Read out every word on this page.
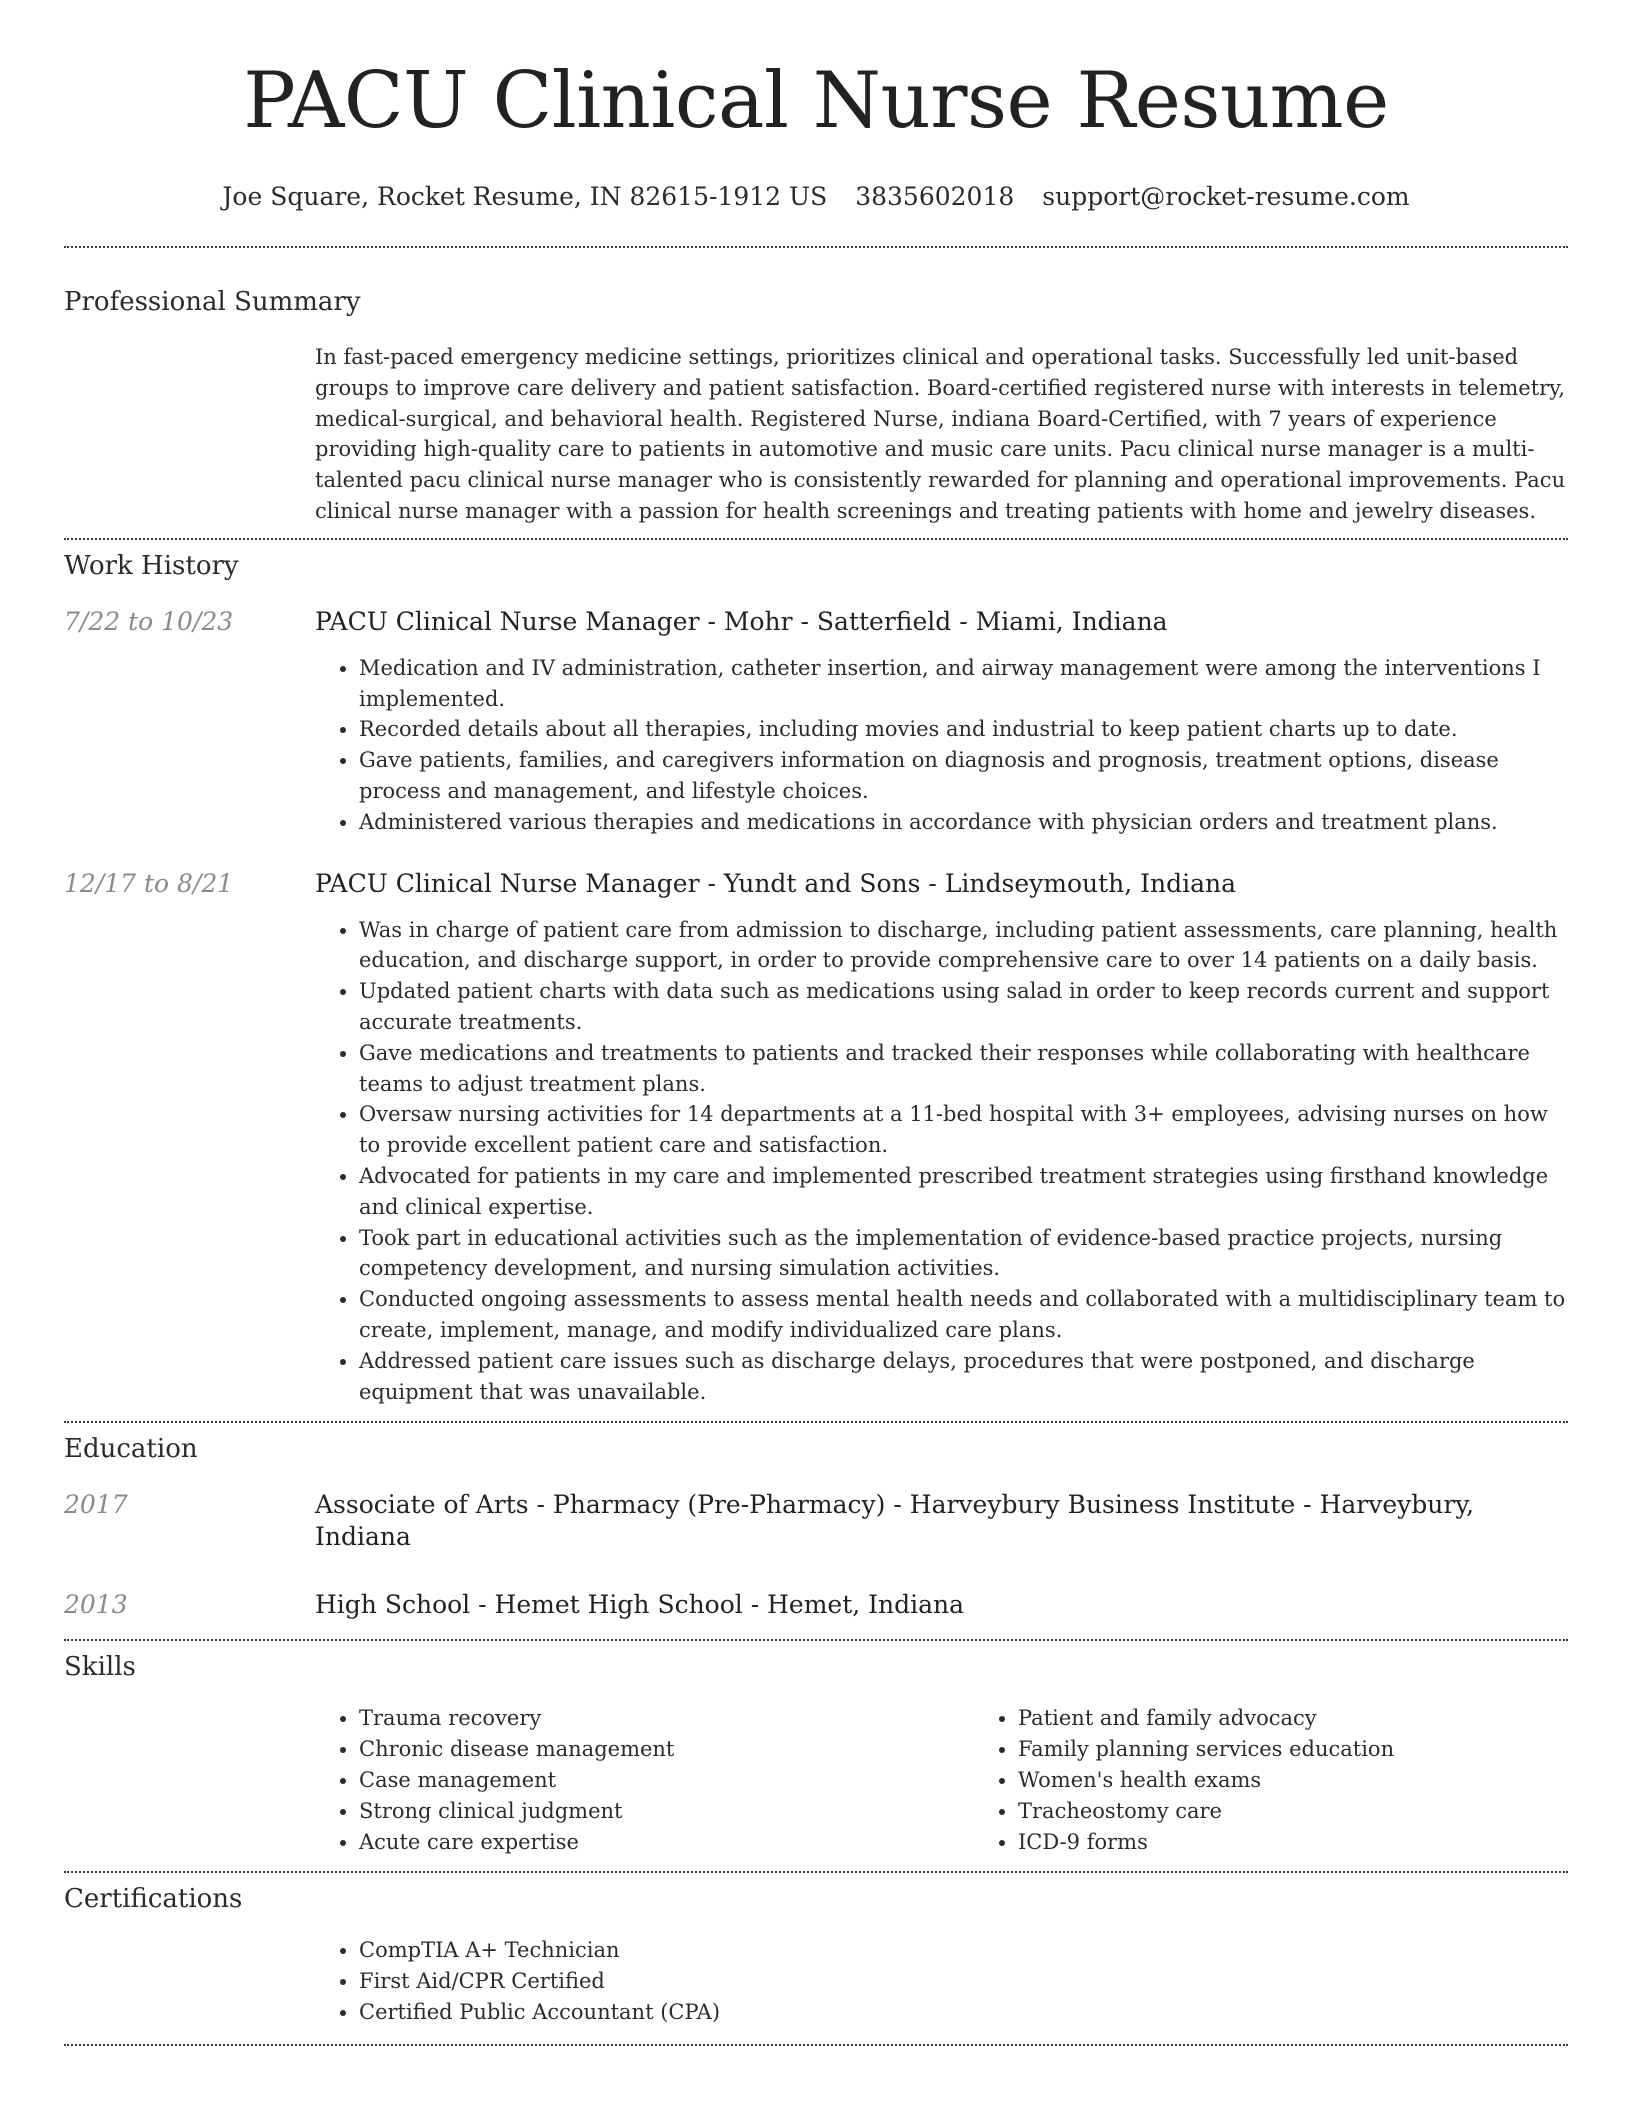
PACU Clinical Nurse Resume
Joe Square, Rocket Resume, IN 82615-1912 US 3835602018 support@rocket-resume.com
Professional Summary

In fast-paced emergency medicine settings, prioritizes clinical and operational tasks. Successfully led unit-based groups to improve care delivery and patient satisfaction. Board-certified registered nurse with interests in telemetry, medical-surgical, and behavioral health. Registered Nurse, indiana Board-Certified, with 7 years of experience providing high-quality care to patients in automotive and music care units. Pacu clinical nurse manager is a multi-talented pacu clinical nurse manager who is consistently rewarded for planning and operational improvements. Pacu clinical nurse manager with a passion for health screenings and treating patients with home and jewelry diseases.

Work History
7/22 to 10/23	PACU Clinical Nurse Manager - Mohr - Satterfield - Miami, Indiana

• Medication and IV administration, catheter insertion, and airway management were among the interventions I implemented.
• Recorded details about all therapies, including movies and industrial to keep patient charts up to date.
• Gave patients, families, and caregivers information on diagnosis and prognosis, treatment options, disease process and management, and lifestyle choices.
• Administered various therapies and medications in accordance with physician orders and treatment plans.
12/17 to 8/21	PACU Clinical Nurse Manager - Yundt and Sons - Lindseymouth, Indiana

• Was in charge of patient care from admission to discharge, including patient assessments, care planning, health education, and discharge support, in order to provide comprehensive care to over 14 patients on a daily basis.
• Updated patient charts with data such as medications using salad in order to keep records current and support accurate treatments.
• Gave medications and treatments to patients and tracked their responses while collaborating with healthcare teams to adjust treatment plans.
• Oversaw nursing activities for 14 departments at a 11-bed hospital with 3+ employees, advising nurses on how to provide excellent patient care and satisfaction.
• Advocated for patients in my care and implemented prescribed treatment strategies using firsthand knowledge and clinical expertise.
• Took part in educational activities such as the implementation of evidence-based practice projects, nursing competency development, and nursing simulation activities.
• Conducted ongoing assessments to assess mental health needs and collaborated with a multidisciplinary team to create, implement, manage, and modify individualized care plans.
• Addressed patient care issues such as discharge delays, procedures that were postponed, and discharge equipment that was unavailable.
Education
2017	Associate of Arts - Pharmacy (Pre-Pharmacy) - Harveybury Business Institute - Harveybury, Indiana

2013	High School - Hemet High School - Hemet, Indiana

Skills
• Trauma recovery
• Chronic disease management
• Case management
• Strong clinical judgment
• Acute care expertise
• Patient and family advocacy
• Family planning services education
• Women's health exams
• Tracheostomy care
• ICD-9 forms
Certifications
• CompTIA A+ Technician
• First Aid/CPR Certified
• Certified Public Accountant (CPA)
